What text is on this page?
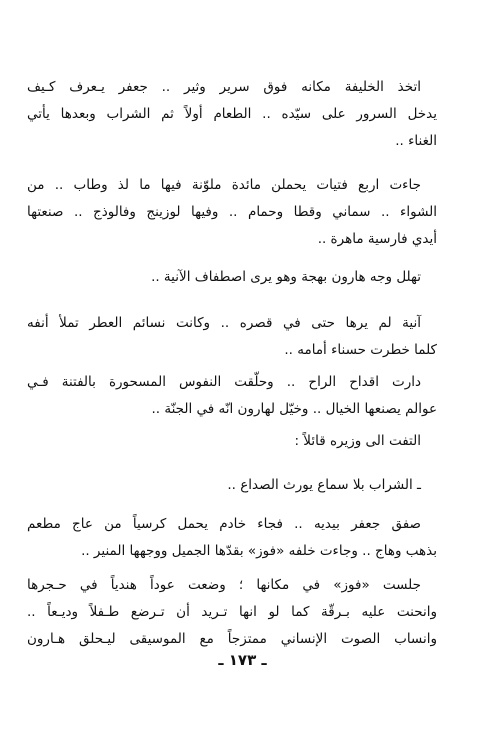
اتخذ الخليفة مكانه فوق سرير وثير .. جعفر يـعرف كـيف
يدخل السرور على سيّده .. الطعام أولاً ثم الشراب وبعدها يأتي
الغناء ..
جاءت اربع فتيات يحملن مائدة ملوّنة فيها ما لذ وطاب .. من
الشواء .. سماني وقطا وحمام .. وفيها لوزينج وفالوذج .. صنعتها
أيدي فارسية ماهرة ..
تهلل وجه هارون بهجة وهو يرى اصطفاف الآنية ..
آنية لم يرها حتى في قصره .. وكانت نسائم العطر تملأ أنفه
كلما خطرت حسناء أمامه ..
دارت اقداح الراح .. وحلّقت النفوس المسحورة بالفتنة فـي
عوالم يصنعها الخيال .. وخيّل لهارون انّه في الجنّة ..
التفت الى وزيره قائلاً :
ـ الشراب بلا سماع يورث الصداع ..
صفق جعفر بيديه .. فجاء خادم يحمل كرسياً من عاج مطعم
بذهب وهاج .. وجاءت خلفه «فوز» بقدّها الجميل ووجهها المنير ..
جلست «فوز» في مكانها ؛ وضعت عوداً هندياً في حـجرها
وانحنت عليه بـرقّة كما لو انها تـريد أن تـرضع طـفلاً وديـعاً ..
وانساب الصوت الإنساني ممتزجاً مع الموسيقى ليـحلق هـارون
ـ ١٧٣ ـ
